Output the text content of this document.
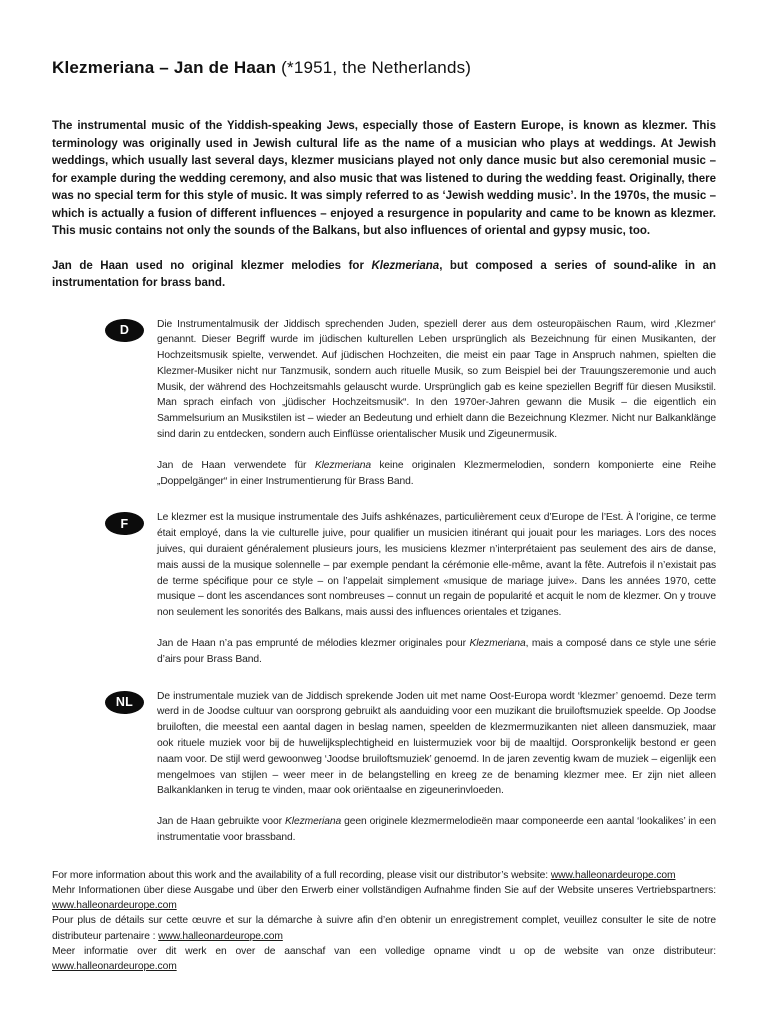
Klezmeriana – Jan de Haan (*1951, the Netherlands)

The instrumental music of the Yiddish-speaking Jews, especially those of Eastern Europe, is known as klezmer. This terminology was originally used in Jewish cultural life as the name of a musician who plays at weddings. At Jewish weddings, which usually last several days, klezmer musicians played not only dance music but also ceremonial music – for example during the wedding ceremony, and also music that was listened to during the wedding feast. Originally, there was no special term for this style of music. It was simply referred to as ‘Jewish wedding music’. In the 1970s, the music – which is actually a fusion of different influences – enjoyed a resurgence in popularity and came to be known as klezmer. This music contains not only the sounds of the Balkans, but also influences of oriental and gypsy music, too.

Jan de Haan used no original klezmer melodies for Klezmeriana, but composed a series of sound-alike in an instrumentation for brass band.

D	Die Instrumentalmusik der Jiddisch sprechenden Juden, speziell derer aus dem osteuropäischen Raum, wird ‚Klezmer‘ genannt. Dieser Begriff wurde im jüdischen kulturellen Leben ursprünglich als Bezeichnung für einen Musikanten, der Hochzeitsmusik spielte, verwendet. Auf jüdischen Hochzeiten, die meist ein paar Tage in Anspruch nahmen, spielten die Klezmer-Musiker nicht nur Tanzmusik, sondern auch rituelle Musik, so zum Beispiel bei der Trauungszeremonie und auch Musik, der während des Hochzeitsmahls gelauscht wurde. Ursprünglich gab es keine speziellen Begriff für diesen Musikstil. Man sprach einfach von „jüdischer Hochzeitsmusik“. In den 1970er-Jahren gewann die Musik – die eigentlich ein Sammelsurium an Musikstilen ist – wieder an Bedeutung und erhielt dann die Bezeichnung Klezmer. Nicht nur Balkanklänge sind darin zu entdecken, sondern auch Einflüsse orientalischer Musik und Zigeunermusik.

Jan de Haan verwendete für Klezmeriana keine originalen Klezmermelodien, sondern komponierte eine Reihe „Doppelgänger“ in einer Instrumentierung für Brass Band.

F	Le klezmer est la musique instrumentale des Juifs ashkénazes, particulièrement ceux d’Europe de l’Est. À l’origine, ce terme était employé, dans la vie culturelle juive, pour qualifier un musicien itinérant qui jouait pour les mariages. Lors des noces juives, qui duraient généralement plusieurs jours, les musiciens klezmer n’interprétaient pas seulement des airs de danse, mais aussi de la musique solennelle – par exemple pendant la cérémonie elle-même, avant la fête. Autrefois il n’existait pas de terme spécifique pour ce style – on l’appelait simplement «musique de mariage juive». Dans les années 1970, cette musique – dont les ascendances sont nombreuses – connut un regain de popularité et acquit le nom de klezmer. On y trouve non seulement les sonorités des Balkans, mais aussi des influences orientales et tziganes.

Jan de Haan n’a pas emprunté de mélodies klezmer originales pour Klezmeriana, mais a composé dans ce style une série d’airs pour Brass Band.

NL	De instrumentale muziek van de Jiddisch sprekende Joden uit met name Oost-Europa wordt ‘klezmer’ genoemd. Deze term werd in de Joodse cultuur van oorsprong gebruikt als aanduiding voor een muzikant die bruiloftsmuziek speelde. Op Joodse bruiloften, die meestal een aantal dagen in beslag namen, speelden de klezmermuzikanten niet alleen dansmuziek, maar ook rituele muziek voor bij de huwelijksplechtigheid en luistermuziek voor bij de maaltijd. Oorspronkelijk bestond er geen naam voor. De stijl werd gewoonweg ‘Joodse bruiloftsmuziek’ genoemd. In de jaren zeventig kwam de muziek – eigenlijk een mengelmoes van stijlen – weer meer in de belangstelling en kreeg ze de benaming klezmer mee. Er zijn niet alleen Balkanklanken in terug te vinden, maar ook oriëntaalse en zigeunerinvloeden.

Jan de Haan gebruikte voor Klezmeriana geen originele klezmermelodieën maar componeerde een aantal ‘lookalikes’ in een instrumentatie voor brassband.

For more information about this work and the availability of a full recording, please visit our distributor’s website: www.halleonardeurope.com
Mehr Informationen über diese Ausgabe und über den Erwerb einer vollständigen Aufnahme finden Sie auf der Website unseres Vertriebspartners: www.halleonardeurope.com
Pour plus de détails sur cette œuvre et sur la démarche à suivre afin d’en obtenir un enregistrement complet, veuillez consulter le site de notre distributeur partenaire : www.halleonardeurope.com
Meer informatie over dit werk en over de aanschaf van een volledige opname vindt u op de website van onze distributeur: www.halleonardeurope.com
